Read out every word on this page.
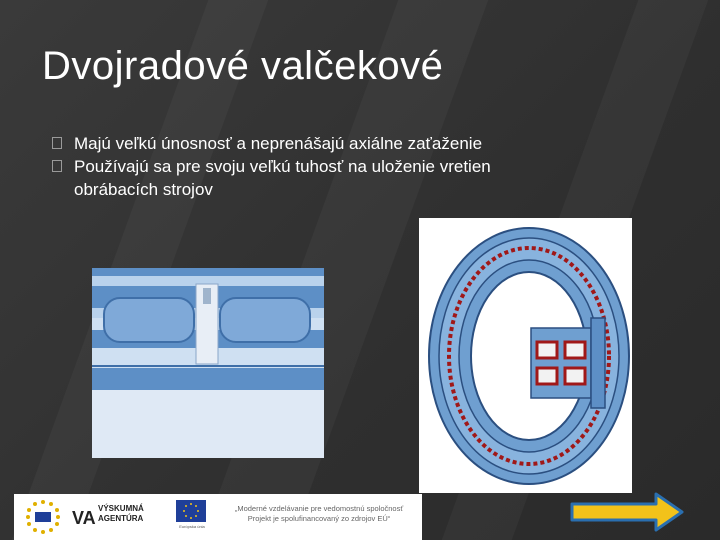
Dvojradové valčekové
Majú veľkú únosnosť a neprenášajú axiálne zaťaženie
Používajú sa pre svoju veľkú tuhosť na uloženie vretien obrábacích strojov
VA VÝSKUMNÁ AGENTÚRA
Európska únia
„Moderné vzdelávanie pre vedomostnú spoločnosť Projekt je spolufinancovaný zo zdrojov EÚ“
